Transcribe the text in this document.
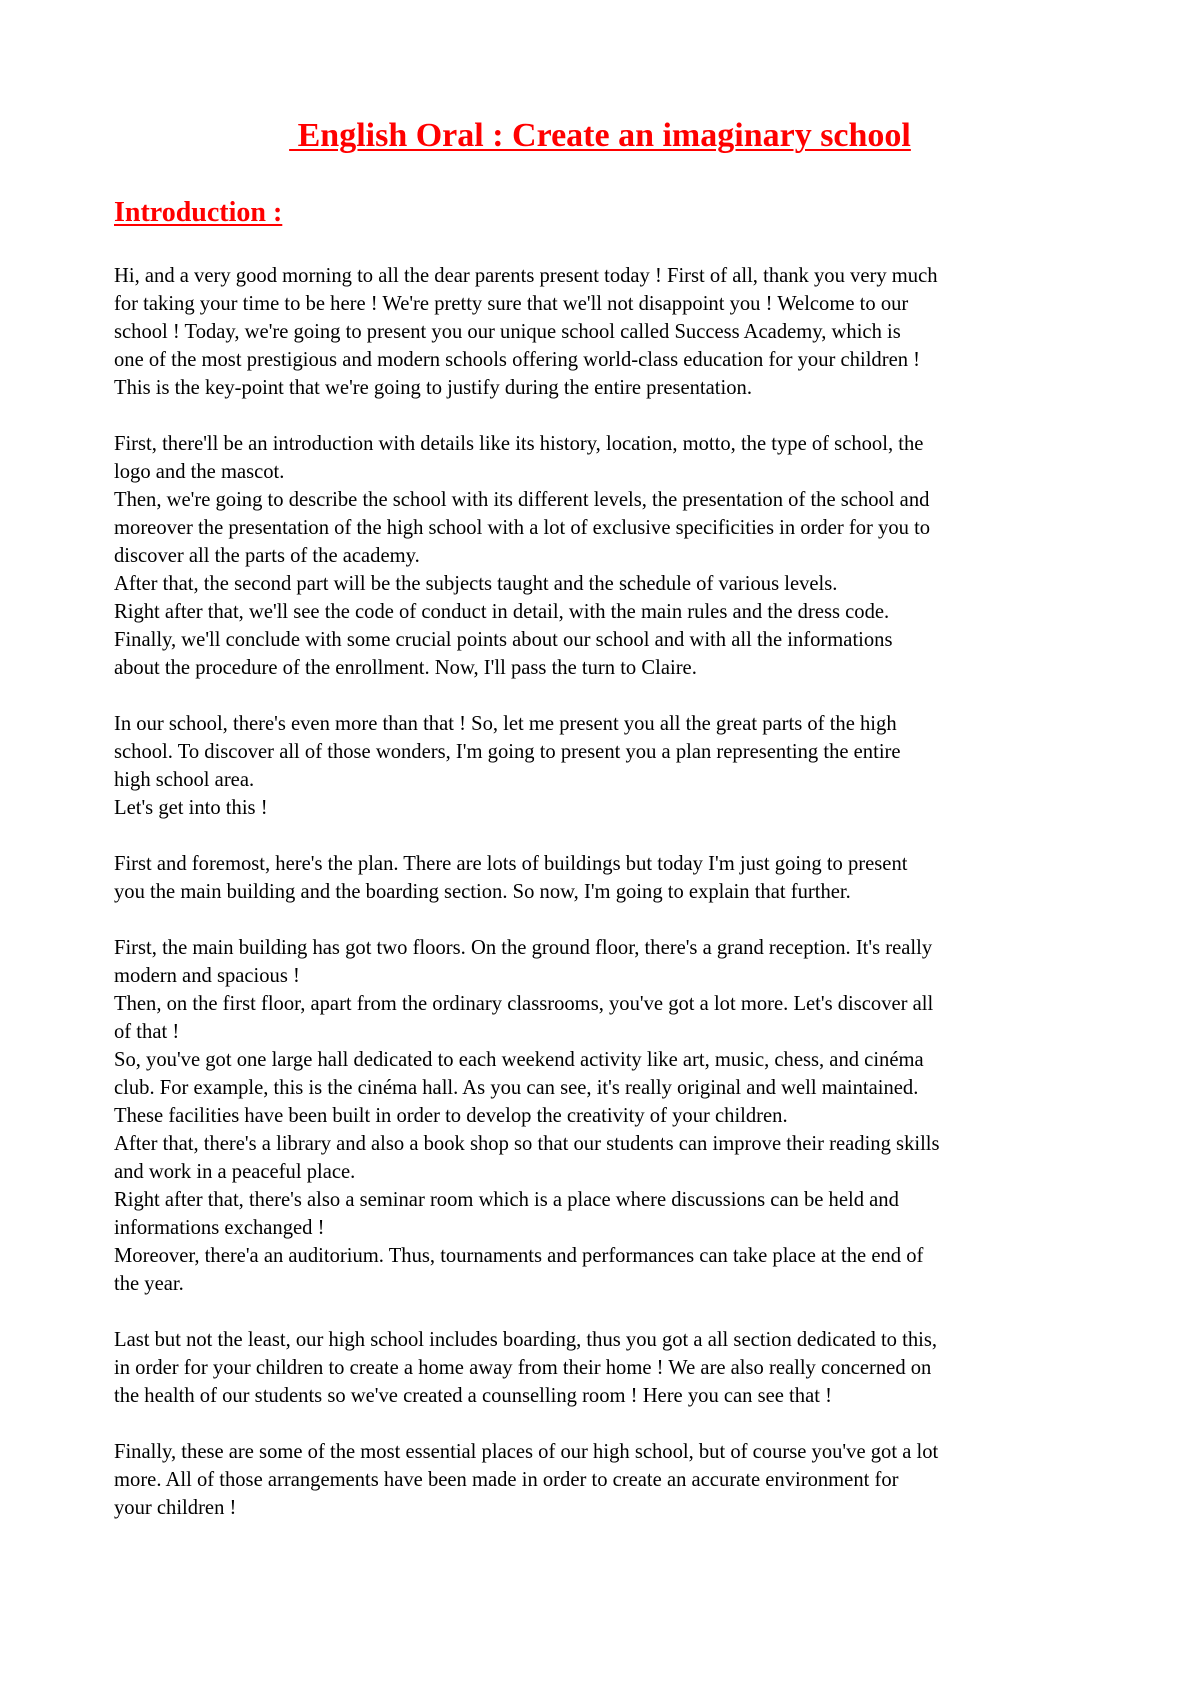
English Oral : Create an imaginary school
Introduction :

Hi, and a very good morning to all the dear parents present today ! First of all, thank you very much
for taking your time to be here ! We're pretty sure that we'll not disappoint you ! Welcome to our
school ! Today, we're going to present you our unique school called Success Academy, which is
one of the most prestigious and modern schools offering world-class education for your children !
This is the key-point that we're going to justify during the entire presentation.

First, there'll be an introduction with details like its history, location, motto, the type of school, the
logo and the mascot.
Then, we're going to describe the school with its different levels, the presentation of the school and
moreover the presentation of the high school with a lot of exclusive specificities in order for you to
discover all the parts of the academy.
After that, the second part will be the subjects taught and the schedule of various levels.
Right after that, we'll see the code of conduct in detail, with the main rules and the dress code.
Finally, we'll conclude with some crucial points about our school and with all the informations
about the procedure of the enrollment. Now, I'll pass the turn to Claire.

In our school, there's even more than that ! So, let me present you all the great parts of the high
school. To discover all of those wonders, I'm going to present you a plan representing the entire
high school area.
Let's get into this !

First and foremost, here's the plan. There are lots of buildings but today I'm just going to present
you the main building and the boarding section. So now, I'm going to explain that further.

First, the main building has got two floors. On the ground floor, there's a grand reception. It's really
modern and spacious !
Then, on the first floor, apart from the ordinary classrooms, you've got a lot more. Let's discover all
of that !
So, you've got one large hall dedicated to each weekend activity like art, music, chess, and cinéma
club. For example, this is the cinéma hall. As you can see, it's really original and well maintained.
These facilities have been built in order to develop the creativity of your children.
After that, there's a library and also a book shop so that our students can improve their reading skills
and work in a peaceful place.
Right after that, there's also a seminar room which is a place where discussions can be held and
informations exchanged !
Moreover, there'a an auditorium. Thus, tournaments and performances can take place at the end of
the year.

Last but not the least, our high school includes boarding, thus you got a all section dedicated to this,
in order for your children to create a home away from their home ! We are also really concerned on
the health of our students so we've created a counselling room ! Here you can see that !

Finally, these are some of the most essential places of our high school, but of course you've got a lot
more. All of those arrangements have been made in order to create an accurate environment for
your children !
